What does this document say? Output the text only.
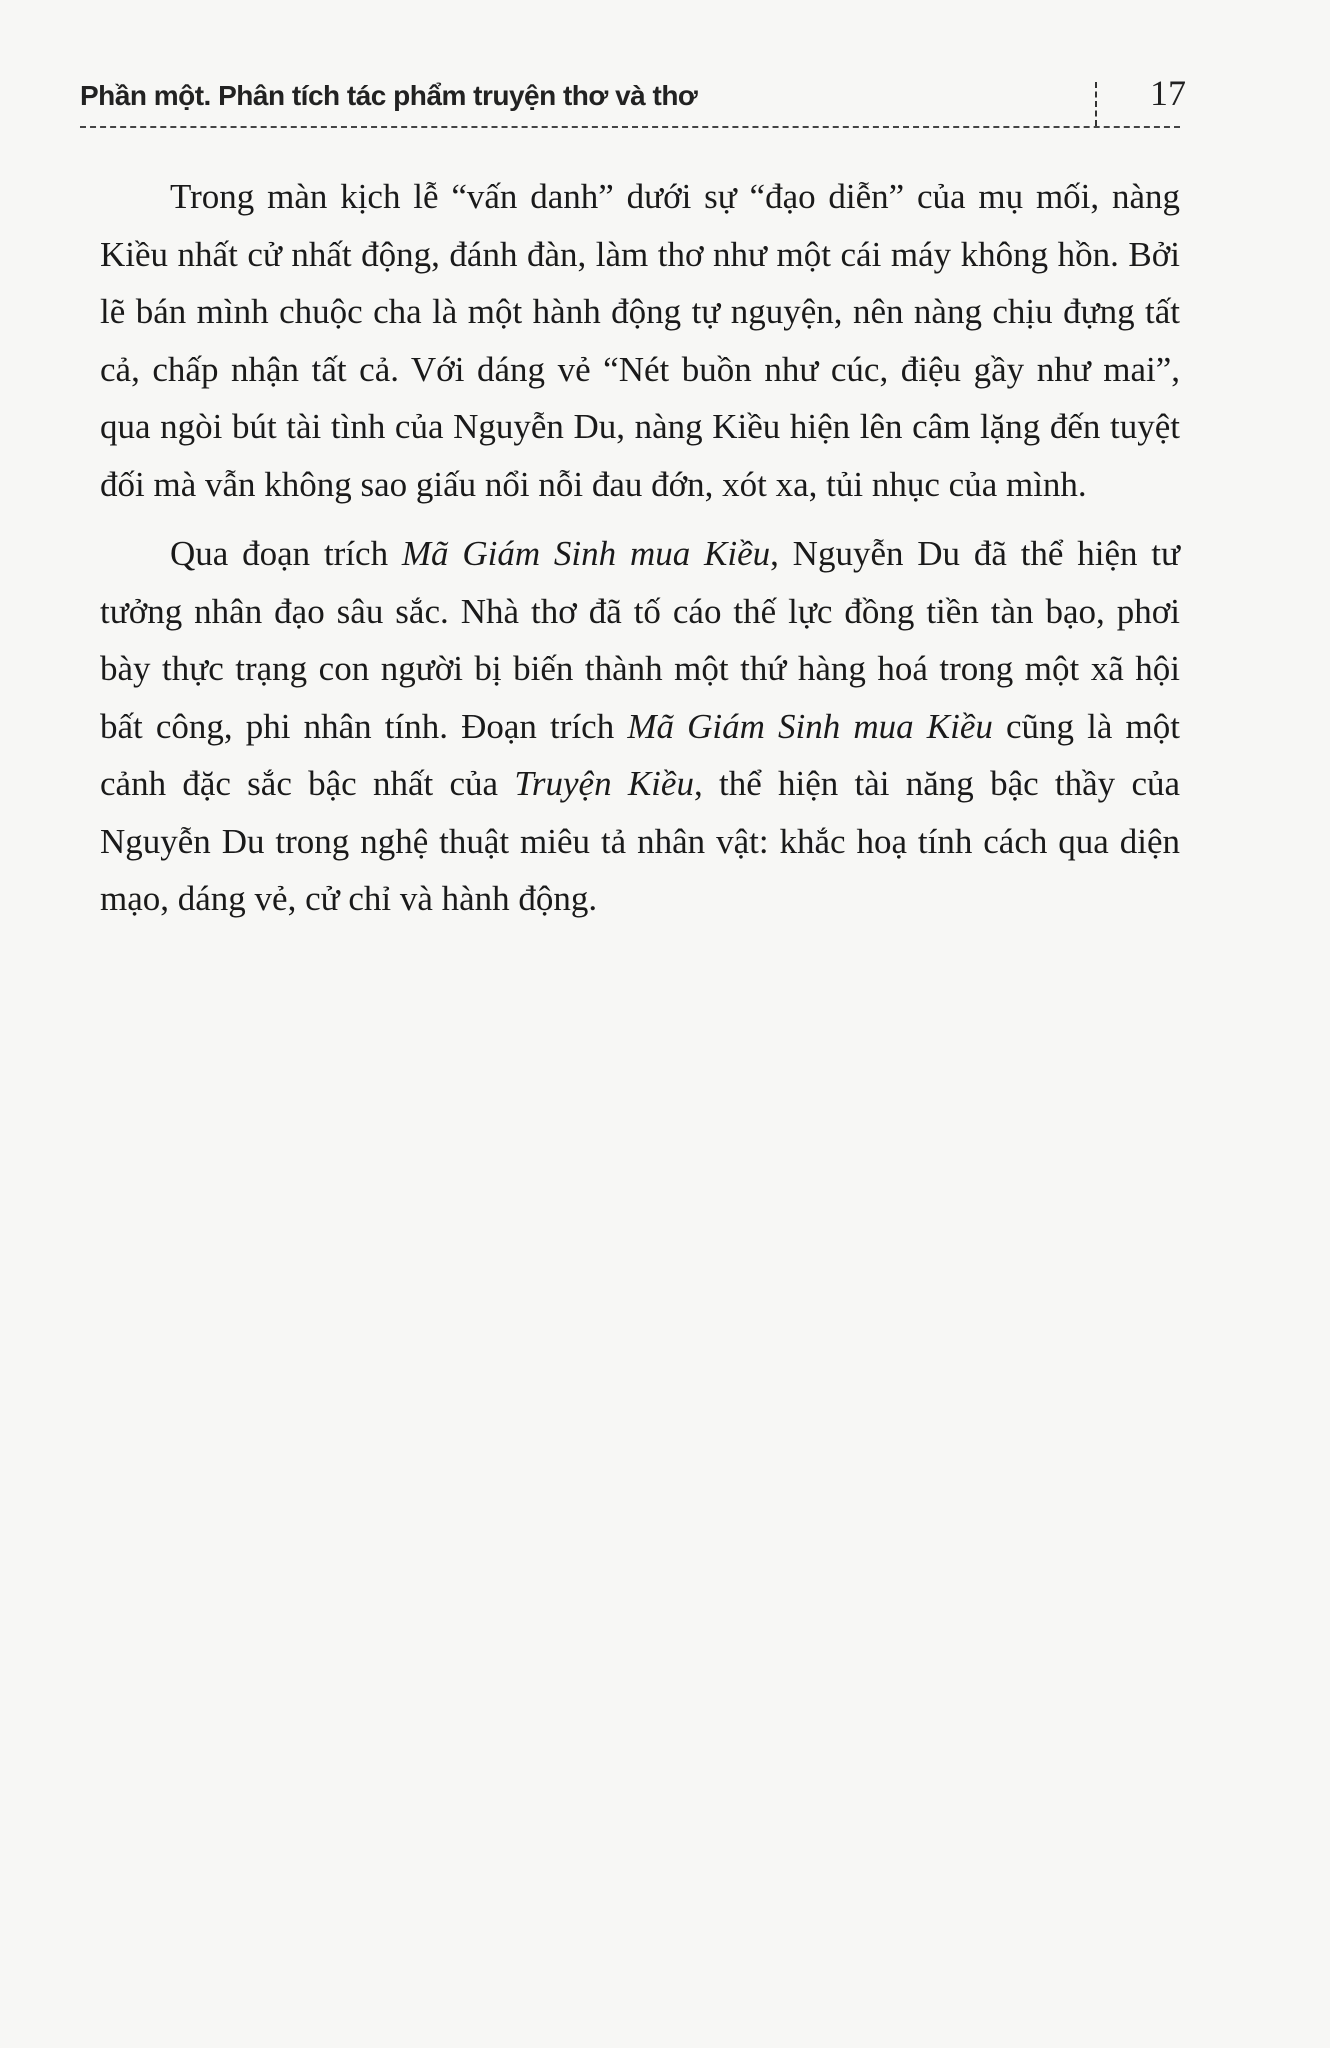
Phần một. Phân tích tác phẩm truyện thơ và thơ	17

Trong màn kịch lễ “vấn danh” dưới sự “đạo diễn” của mụ mối, nàng Kiều nhất cử nhất động, đánh đàn, làm thơ như một cái máy không hồn. Bởi lẽ bán mình chuộc cha là một hành động tự nguyện, nên nàng chịu đựng tất cả, chấp nhận tất cả. Với dáng vẻ “Nét buồn như cúc, điệu gầy như mai”, qua ngòi bút tài tình của Nguyễn Du, nàng Kiều hiện lên câm lặng đến tuyệt đối mà vẫn không sao giấu nổi nỗi đau đớn, xót xa, tủi nhục của mình.

Qua đoạn trích Mã Giám Sinh mua Kiều, Nguyễn Du đã thể hiện tư tưởng nhân đạo sâu sắc. Nhà thơ đã tố cáo thế lực đồng tiền tàn bạo, phơi bày thực trạng con người bị biến thành một thứ hàng hoá trong một xã hội bất công, phi nhân tính. Đoạn trích Mã Giám Sinh mua Kiều cũng là một cảnh đặc sắc bậc nhất của Truyện Kiều, thể hiện tài năng bậc thầy của Nguyễn Du trong nghệ thuật miêu tả nhân vật: khắc hoạ tính cách qua diện mạo, dáng vẻ, cử chỉ và hành động.
